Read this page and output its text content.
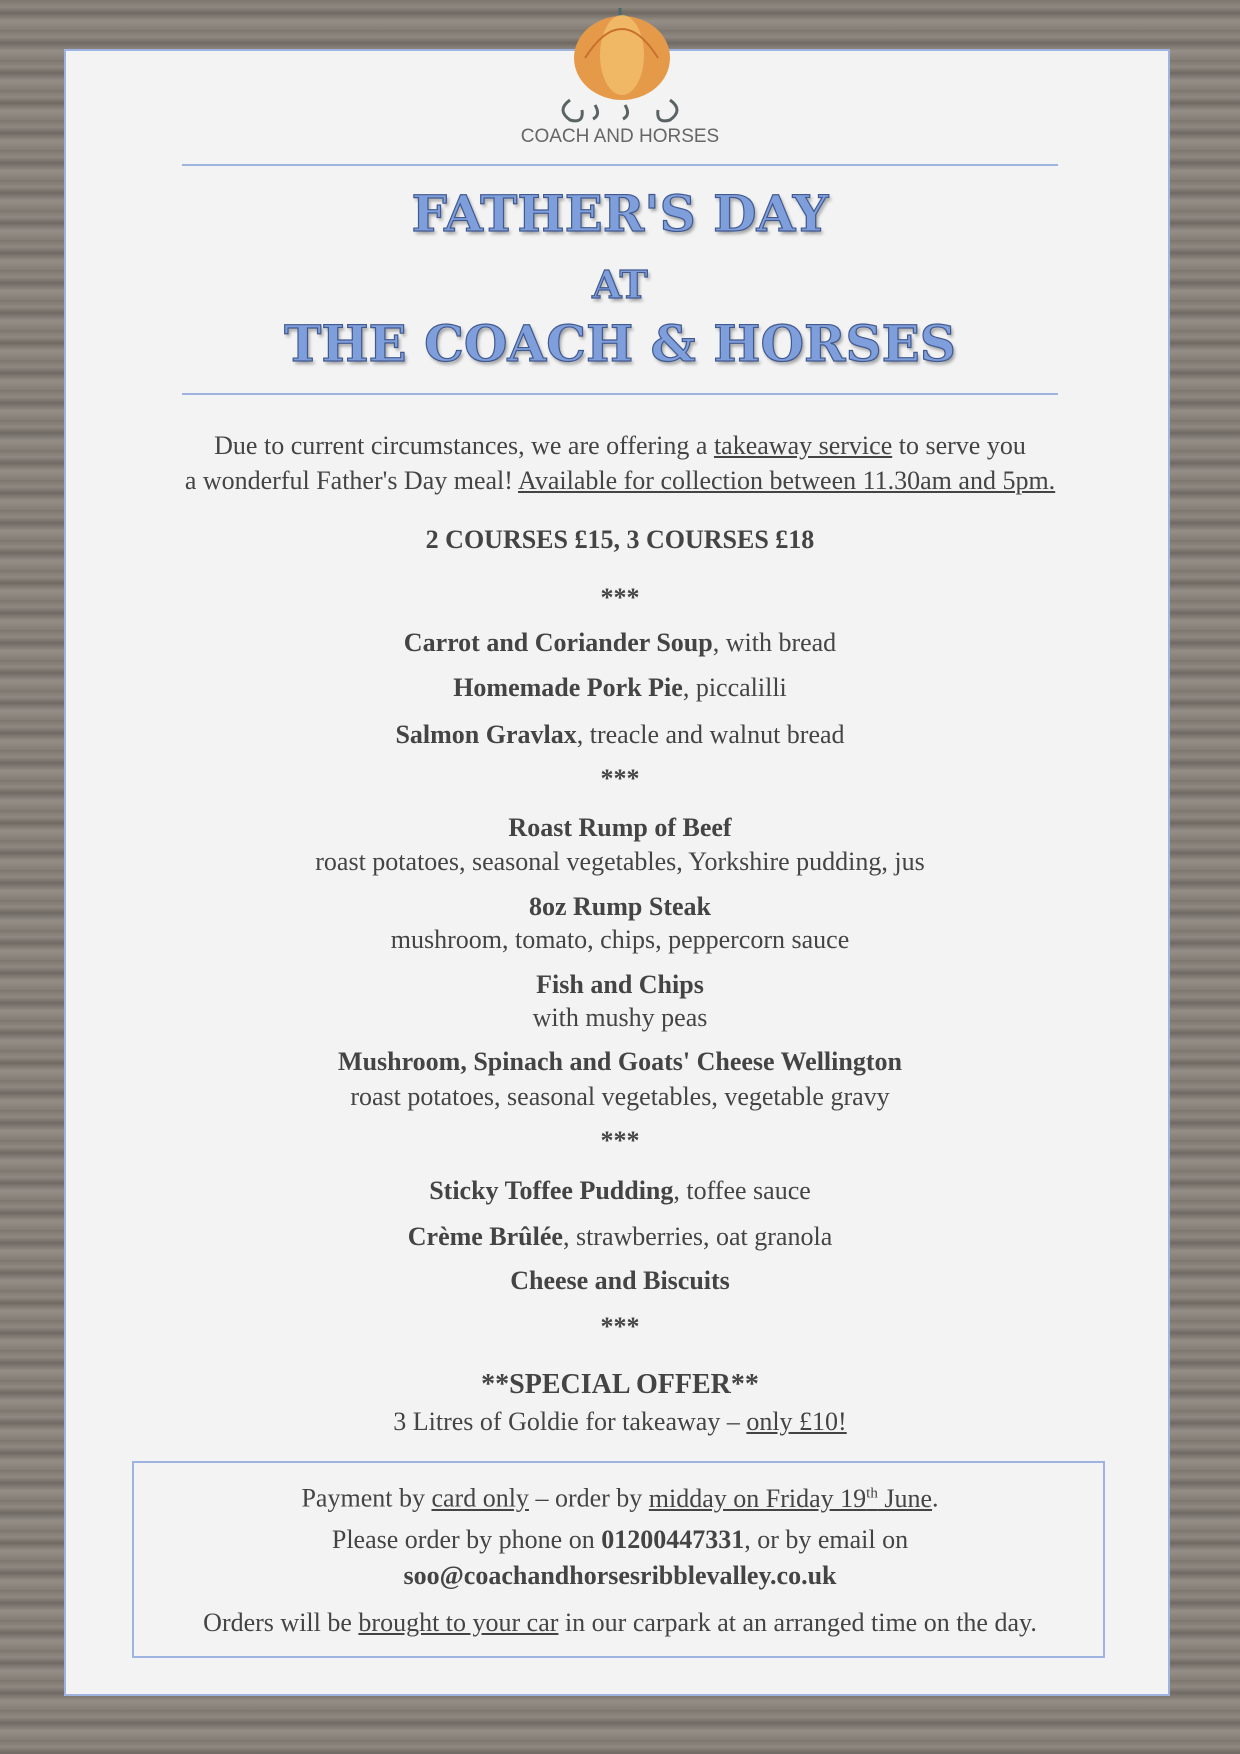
COACH AND HORSES
FATHER'S DAY
AT
THE COACH & HORSES
Due to current circumstances, we are offering a takeaway service to serve you
a wonderful Father's Day meal! Available for collection between 11.30am and 5pm.
2 COURSES £15, 3 COURSES £18
***
Carrot and Coriander Soup, with bread
Homemade Pork Pie, piccalilli
Salmon Gravlax, treacle and walnut bread
***
Roast Rump of Beef
roast potatoes, seasonal vegetables, Yorkshire pudding, jus
8oz Rump Steak
mushroom, tomato, chips, peppercorn sauce
Fish and Chips
with mushy peas
Mushroom, Spinach and Goats' Cheese Wellington
roast potatoes, seasonal vegetables, vegetable gravy
***
Sticky Toffee Pudding, toffee sauce
Crème Brûlée, strawberries, oat granola
Cheese and Biscuits
***
**SPECIAL OFFER**
3 Litres of Goldie for takeaway – only £10!
Payment by card only – order by midday on Friday 19th June.
Please order by phone on 01200447331, or by email on
soo@coachandhorsesribblevalley.co.uk
Orders will be brought to your car in our carpark at an arranged time on the day.
